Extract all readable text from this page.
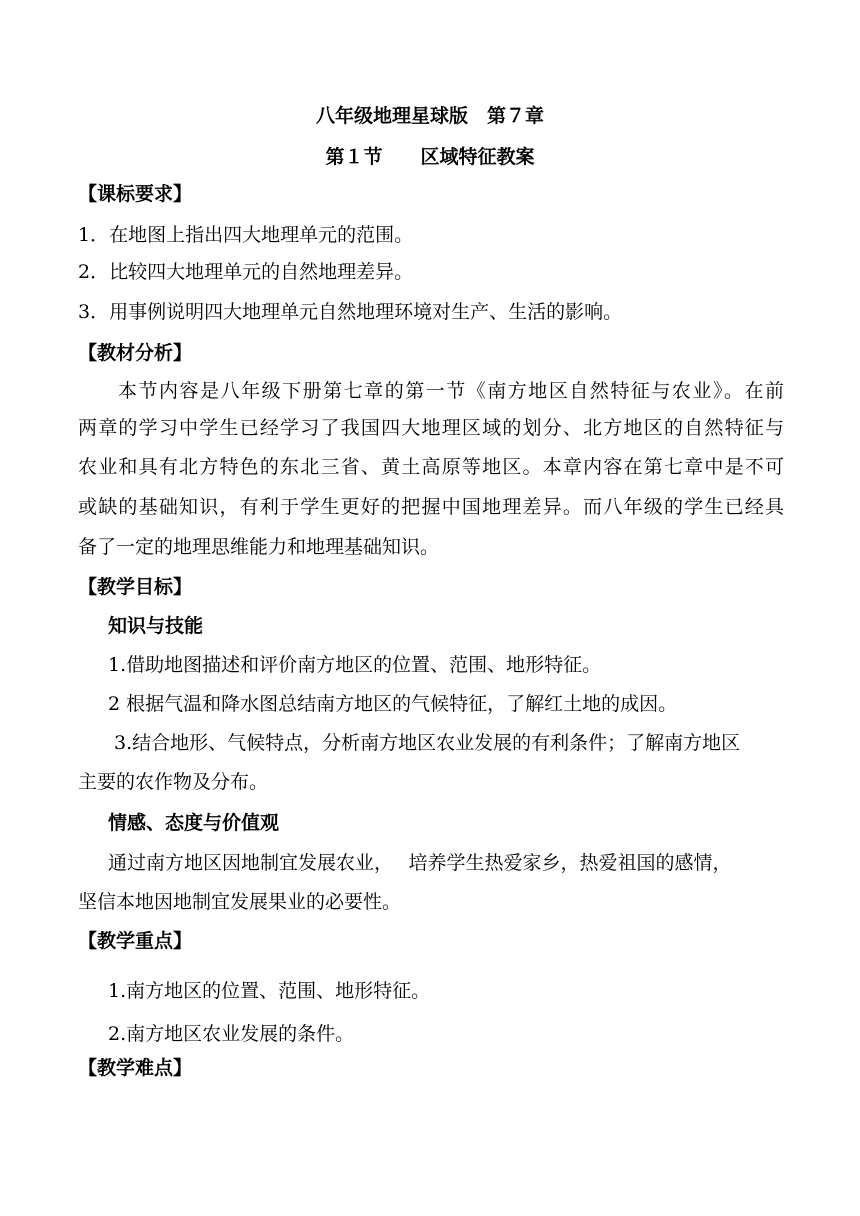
八年级地理星球版　第７章
第１节　　区域特征教案
【课标要求】
1．在地图上指出四大地理单元的范围。
2．比较四大地理单元的自然地理差异。
3．用事例说明四大地理单元自然地理环境对生产、生活的影响。
【教材分析】
本节内容是八年级下册第七章的第一节《南方地区自然特征与农业》。在前
两章的学习中学生已经学习了我国四大地理区域的划分、北方地区的自然特征与
农业和具有北方特色的东北三省、黄土高原等地区。本章内容在第七章中是不可
或缺的基础知识，有利于学生更好的把握中国地理差异。而八年级的学生已经具
备了一定的地理思维能力和地理基础知识。
【教学目标】
知识与技能
1.借助地图描述和评价南方地区的位置、范围、地形特征。
2 根据气温和降水图总结南方地区的气候特征，了解红土地的成因。
3.结合地形、气候特点，分析南方地区农业发展的有利条件；了解南方地区
主要的农作物及分布。
情感、态度与价值观
通过南方地区因地制宜发展农业，　 培养学生热爱家乡，热爱祖国的感情，
坚信本地因地制宜发展果业的必要性。
【教学重点】
1.南方地区的位置、范围、地形特征。
2.南方地区农业发展的条件。
【教学难点】
